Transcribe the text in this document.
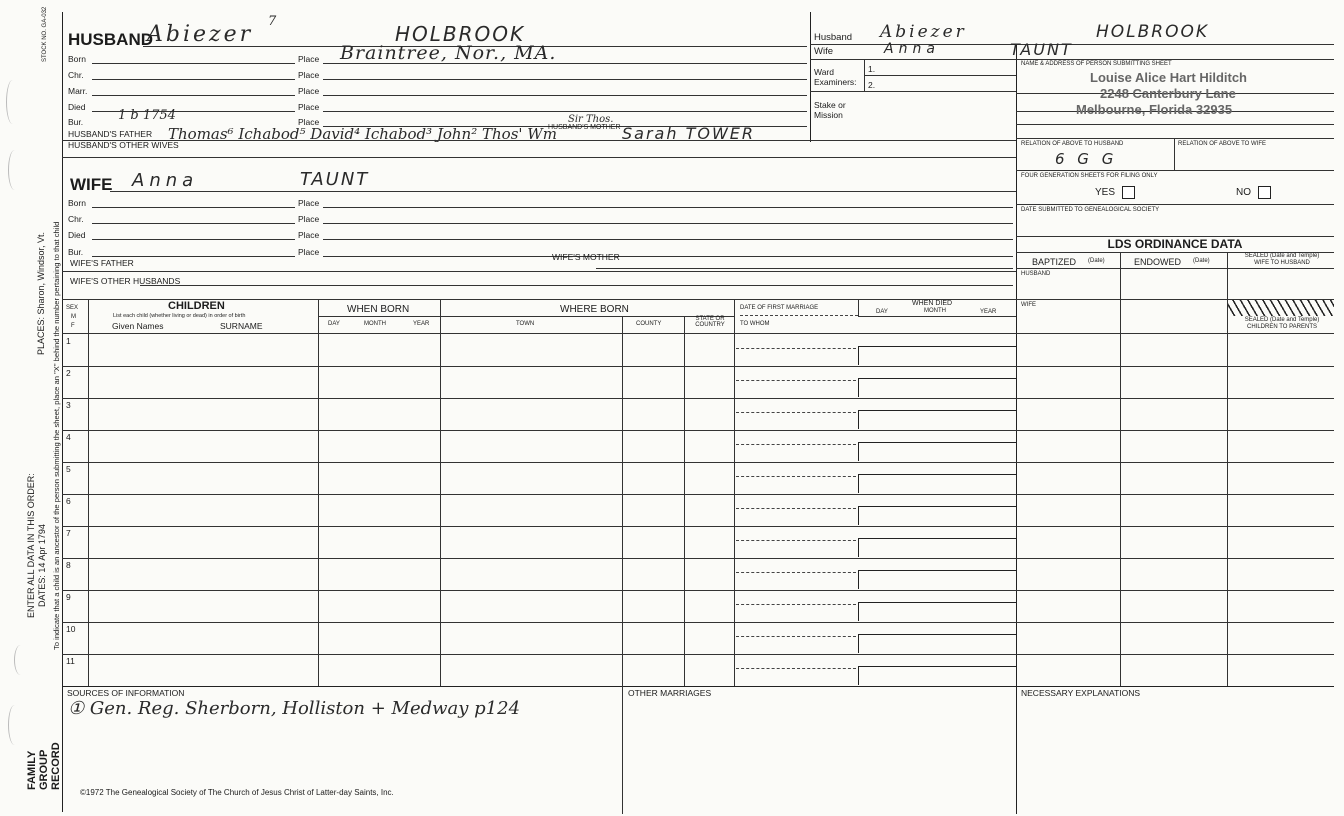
STOCK NO. GA-032
PLACES: Sharon, Windsor, Vt. To indicate that a child is an ancestor of the person submitting the sheet, place an "X" behind the number pertaining to that child
ENTER ALL DATA IN THIS ORDER: DATES: 14 Apr 1794
FAMILY GROUP RECORD
HUSBAND
Abiezer
7
HOLBROOK
Born	Place Braintree, Nor., MA.
Chr.	Place
Marr.	Place
Died	Place
Bur.	1 b 1754	Place
HUSBAND'S FATHER Thomas⁶ Ichabod⁵ David⁴ Ichabod³ John² Thos' Wm
Sir Thos.
HUSBAND'S MOTHER Sarah TOWER
HUSBAND'S OTHER WIVES
WIFE Anna	TAUNT
Born	Place
Chr.	Place
Died	Place
Bur.	Place
WIFE'S FATHER
WIFE'S MOTHER
WIFE'S OTHER HUSBANDS
Husband Abiezer	HOLBROOK
Wife	Anna	TAUNT
Ward
Examiners:
1.
2.
Stake or
Mission
NAME & ADDRESS OF PERSON SUBMITTING SHEET
Louise Alice Hart Hilditch
2248 Canterbury Lane
Melbourne, Florida 32935
RELATION OF ABOVE TO HUSBAND	RELATION OF ABOVE TO WIFE
6 G G
FOUR GENERATION SHEETS FOR FILING ONLY
YES	NO
DATE SUBMITTED TO GENEALOGICAL SOCIETY
LDS ORDINANCE DATA
BAPTIZED (Date)	ENDOWED (Date)
SEALED (Date and Temple)
WIFE TO HUSBAND
HUSBAND
WIFE
SEALED (Date and Temple)
CHILDREN TO PARENTS
SEX
M
F
CHILDREN
List each child (whether living or dead) in order of birth
Given Names	SURNAME
WHEN BORN
DAY	MONTH	YEAR
WHERE BORN
TOWN	COUNTY
STATE OR
COUNTRY
DATE OF FIRST MARRIAGE
TO WHOM
WHEN DIED
DAY	MONTH	YEAR
1
2
3
4
5
6
7
8
9
10
11
SOURCES OF INFORMATION
① Gen. Reg. Sherborn, Holliston + Medway p124
OTHER MARRIAGES	NECESSARY EXPLANATIONS
©1972 The Genealogical Society of The Church of Jesus Christ of Latter-day Saints, Inc.
